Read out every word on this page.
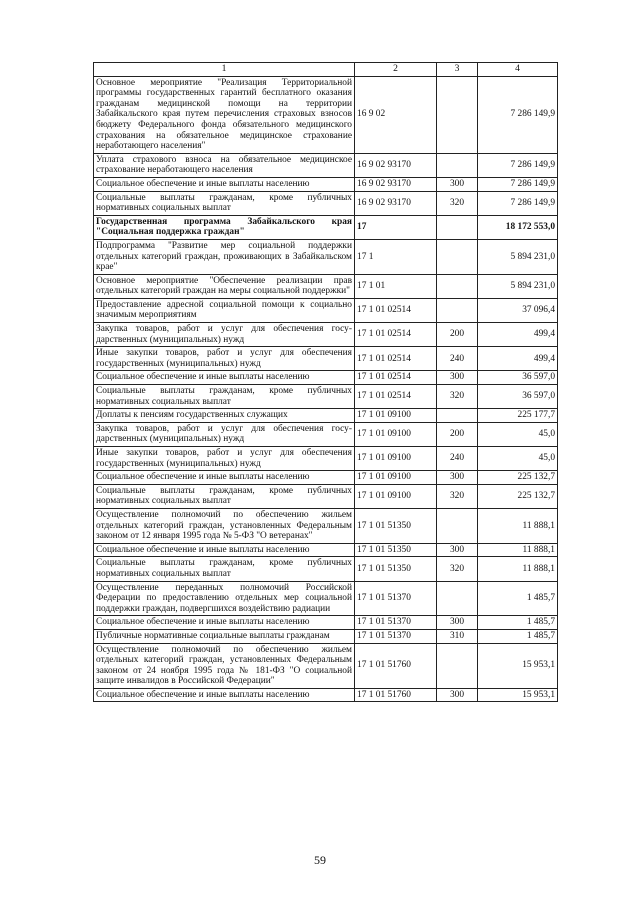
1	2	3	4
Основное мероприятие "Реализация Территориальной программы государственных гарантий бесплатного оказания гражданам медицинской помощи на территории Забайкальского края путем перечисления страховых взносов бюджету Федерального фонда обязательного медицинского страхования на обязательное медицинское страхование неработающего населения"	16 9 02		7 286 149,9
Уплата страхового взноса на обязательное медицинское страхование неработающего населения	16 9 02 93170		7 286 149,9
Социальное обеспечение и иные выплаты населению	16 9 02 93170	300	7 286 149,9
Социальные выплаты гражданам, кроме публичных нормативных социальных выплат	16 9 02 93170	320	7 286 149,9
Государственная программа Забайкальского края "Социальная поддержка граждан"	17		18 172 553,0
Подпрограмма "Развитие мер социальной поддержки отдельных категорий граждан, проживающих в Забайкальском крае"	17 1		5 894 231,0
Основное мероприятие "Обеспечение реализации прав отдельных категорий граждан на меры социальной поддержки"	17 1 01		5 894 231,0
Предоставление адресной социальной помощи к социально значимым мероприятиям	17 1 01 02514		37 096,4
Закупка товаров, работ и услуг для обеспечения государственных (муниципальных) нужд	17 1 01 02514	200	499,4
Иные закупки товаров, работ и услуг для обеспечения государственных (муниципальных) нужд	17 1 01 02514	240	499,4
Социальное обеспечение и иные выплаты населению	17 1 01 02514	300	36 597,0
Социальные выплаты гражданам, кроме публичных нормативных социальных выплат	17 1 01 02514	320	36 597,0
Доплаты к пенсиям государственных служащих	17 1 01 09100		225 177,7
Закупка товаров, работ и услуг для обеспечения государственных (муниципальных) нужд	17 1 01 09100	200	45,0
Иные закупки товаров, работ и услуг для обеспечения государственных (муниципальных) нужд	17 1 01 09100	240	45,0
Социальное обеспечение и иные выплаты населению	17 1 01 09100	300	225 132,7
Социальные выплаты гражданам, кроме публичных нормативных социальных выплат	17 1 01 09100	320	225 132,7
Осуществление полномочий по обеспечению жильем отдельных категорий граждан, установленных Федеральным законом от 12 января 1995 года № 5-ФЗ "О ветеранах"	17 1 01 51350		11 888,1
Социальное обеспечение и иные выплаты населению	17 1 01 51350	300	11 888,1
Социальные выплаты гражданам, кроме публичных нормативных социальных выплат	17 1 01 51350	320	11 888,1
Осуществление переданных полномочий Российской Федерации по предоставлению отдельных мер социальной поддержки граждан, подвергшихся воздействию радиации	17 1 01 51370		1 485,7
Социальное обеспечение и иные выплаты населению	17 1 01 51370	300	1 485,7
Публичные нормативные социальные выплаты гражданам	17 1 01 51370	310	1 485,7
Осуществление полномочий по обеспечению жильем отдельных категорий граждан, установленных Федеральным законом от 24 ноября 1995 года № 181-ФЗ "О социальной защите инвалидов в Российской Федерации"	17 1 01 51760		15 953,1
Социальное обеспечение и иные выплаты населению	17 1 01 51760	300	15 953,1
59
